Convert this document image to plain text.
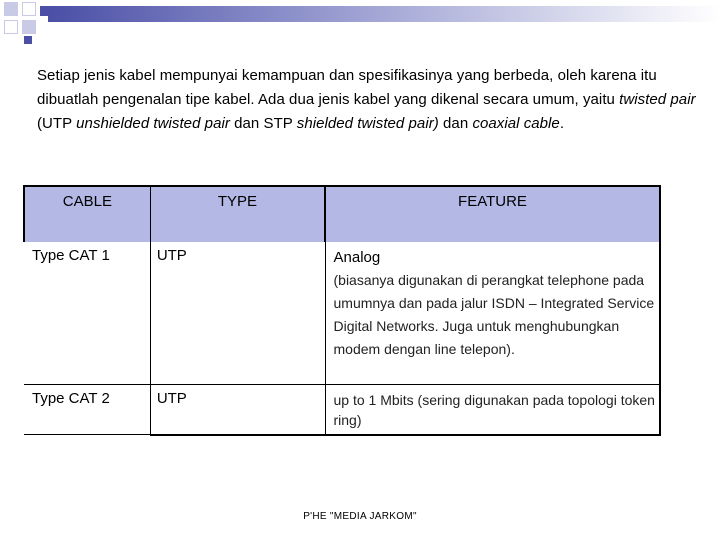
Setiap jenis kabel mempunyai kemampuan dan spesifikasinya yang berbeda, oleh karena itu dibuatlah pengenalan tipe kabel. Ada dua jenis kabel yang dikenal secara umum, yaitu twisted pair (UTP unshielded twisted pair dan STP shielded twisted pair) dan coaxial cable.
CABLE	TYPE	FEATURE
Type CAT 1	UTP	Analog
(biasanya digunakan di perangkat telephone pada umumnya dan pada jalur ISDN – Integrated Service Digital Networks. Juga untuk menghubungkan modem dengan line telepon).

Type CAT 2	UTP	up to 1 Mbits (sering digunakan pada topologi token ring)
P'HE "MEDIA JARKOM"
